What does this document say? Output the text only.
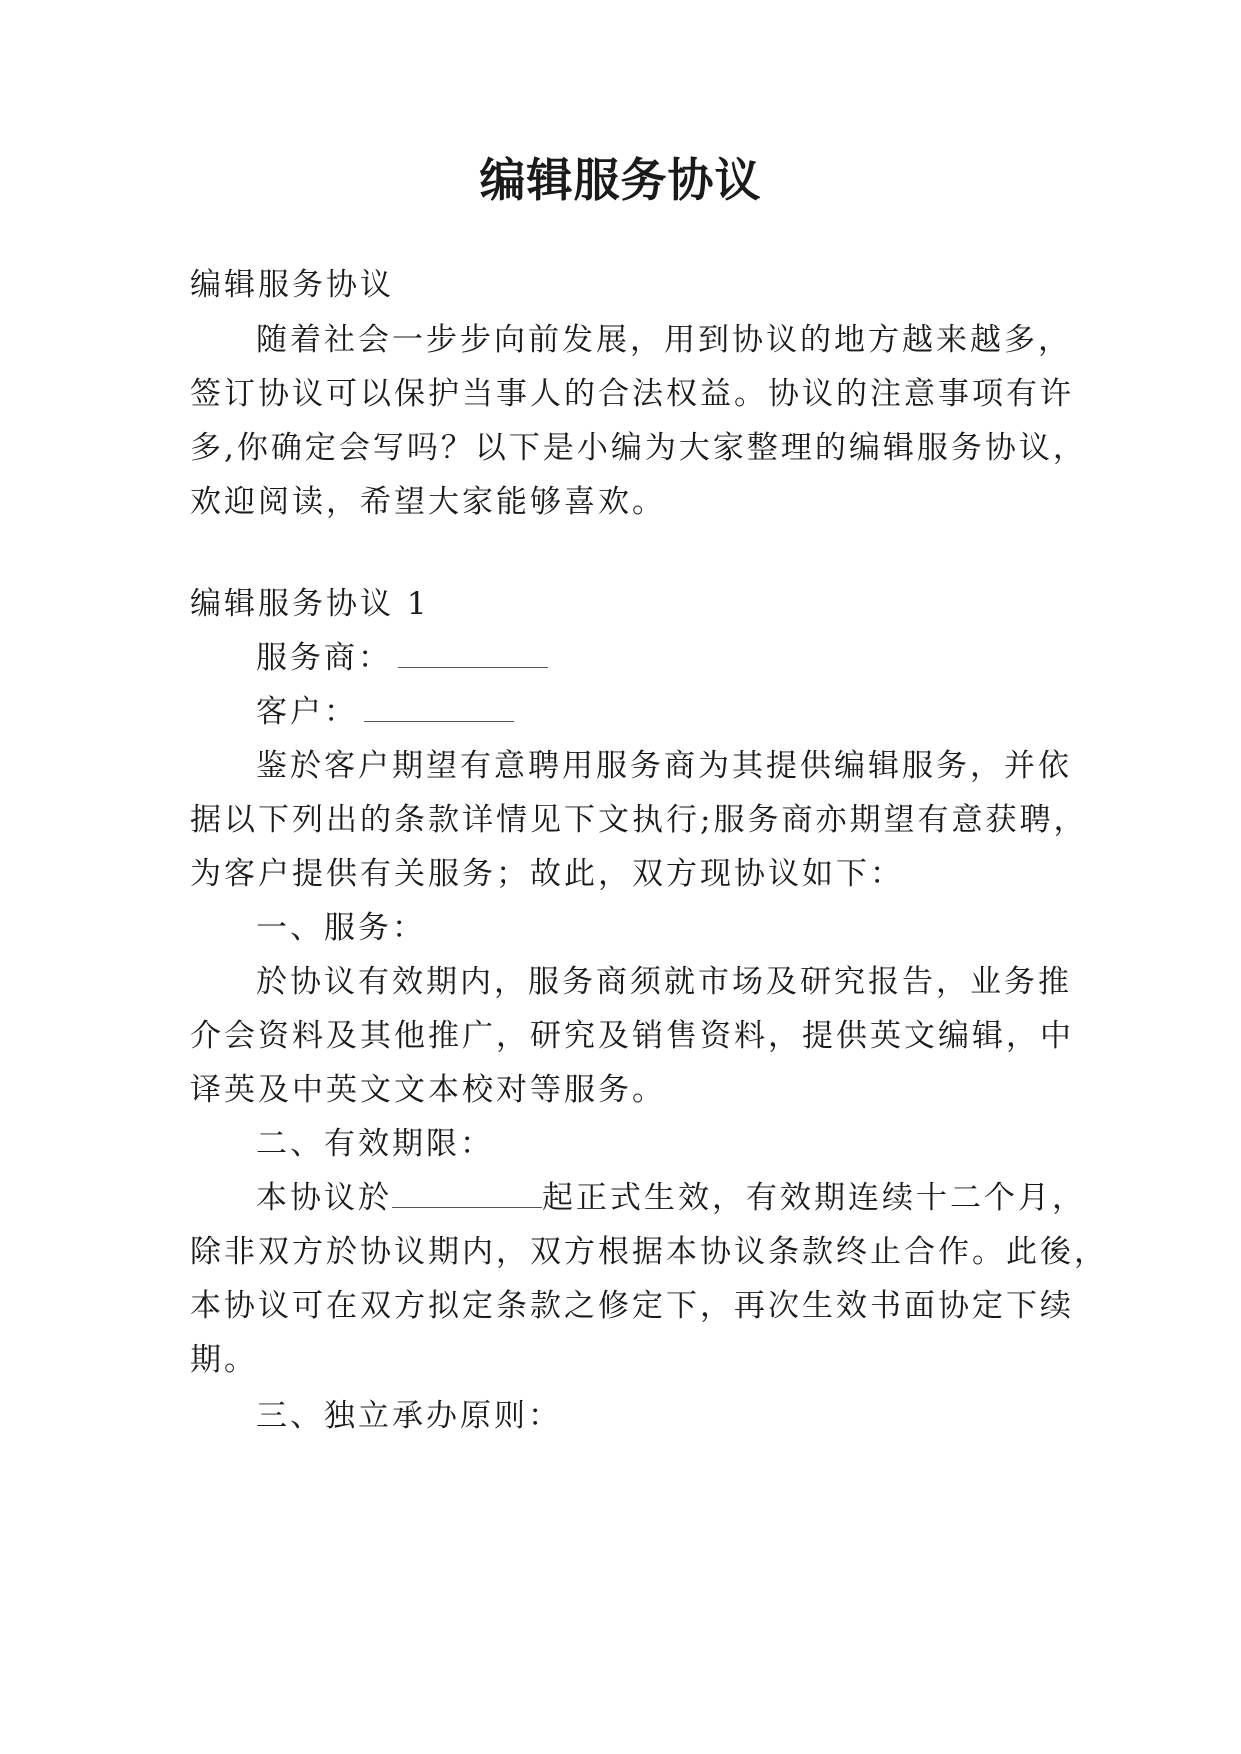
编辑服务协议
编辑服务协议
随着社会一步步向前发展，用到协议的地方越来越多，
签订协议可以保护当事人的合法权益。协议的注意事项有许
多,你确定会写吗？以下是小编为大家整理的编辑服务协议，
欢迎阅读，希望大家能够喜欢。
编辑服务协议 1
服务商：
客户：
鉴於客户期望有意聘用服务商为其提供编辑服务，并依
据以下列出的条款详情见下文执行;服务商亦期望有意获聘，
为客户提供有关服务；故此，双方现协议如下：
一、服务：
於协议有效期内，服务商须就市场及研究报告，业务推
介会资料及其他推广，研究及销售资料，提供英文编辑，中
译英及中英文文本校对等服务。
二、有效期限：
本协议於	起正式生效，有效期连续十二个月，
除非双方於协议期内，双方根据本协议条款终止合作。此後，
本协议可在双方拟定条款之修定下，再次生效书面协定下续
期。
三、独立承办原则：
